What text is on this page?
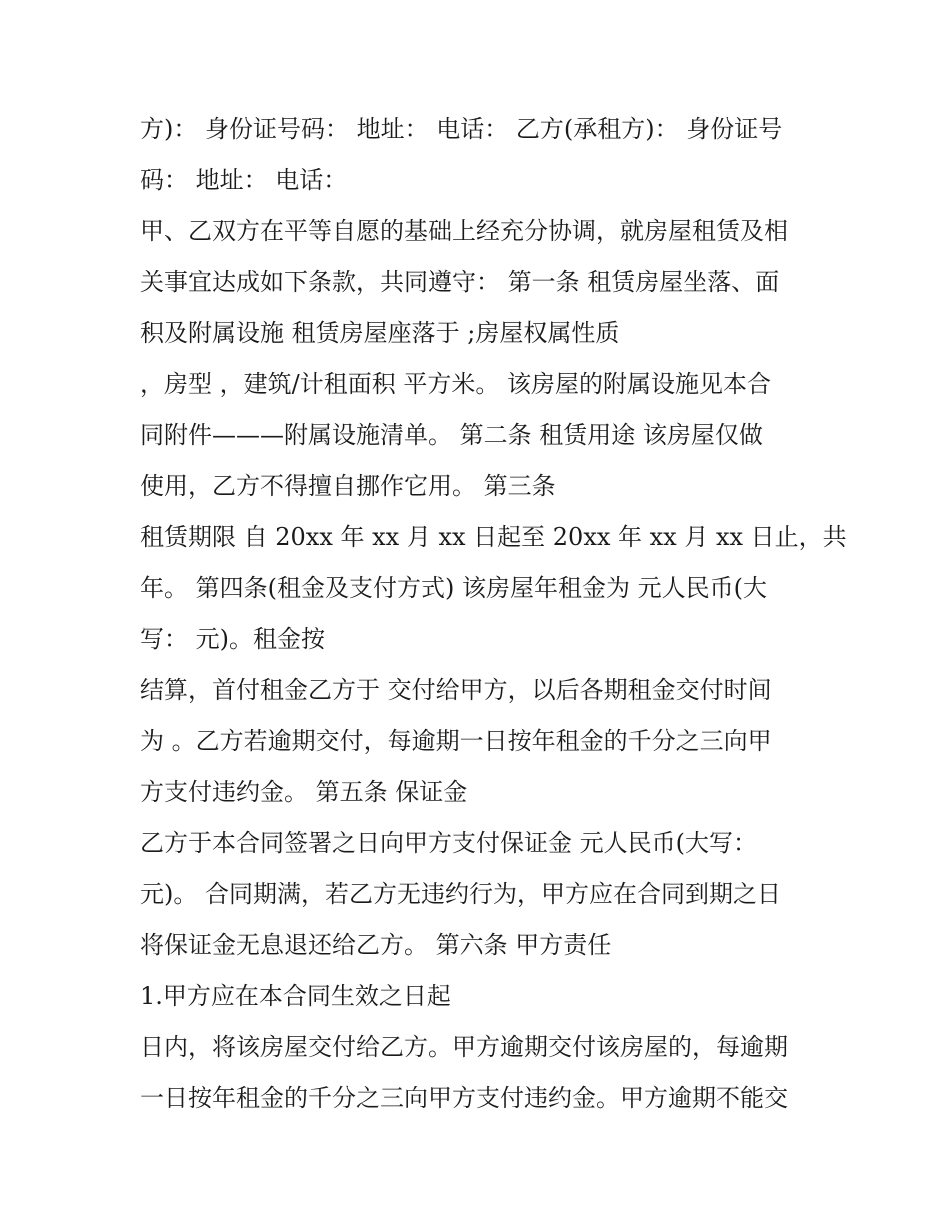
方)： 身份证号码： 地址： 电话： 乙方(承租方)： 身份证号
码： 地址： 电话：
甲、乙双方在平等自愿的基础上经充分协调，就房屋租赁及相
关事宜达成如下条款，共同遵守： 第一条 租赁房屋坐落、面
积及附属设施 租赁房屋座落于 ;房屋权属性质
，房型 ，建筑/计租面积 平方米。 该房屋的附属设施见本合
同附件———附属设施清单。 第二条 租赁用途 该房屋仅做
使用，乙方不得擅自挪作它用。 第三条
租赁期限 自 20xx 年 xx 月 xx 日起至 20xx 年 xx 月 xx 日止，共
年。 第四条(租金及支付方式) 该房屋年租金为 元人民币(大
写： 元)。租金按
结算，首付租金乙方于 交付给甲方，以后各期租金交付时间
为 。乙方若逾期交付，每逾期一日按年租金的千分之三向甲
方支付违约金。 第五条 保证金
乙方于本合同签署之日向甲方支付保证金 元人民币(大写：
元)。 合同期满，若乙方无违约行为，甲方应在合同到期之日
将保证金无息退还给乙方。 第六条 甲方责任
1.甲方应在本合同生效之日起
日内，将该房屋交付给乙方。甲方逾期交付该房屋的，每逾期
一日按年租金的千分之三向甲方支付违约金。甲方逾期不能交
